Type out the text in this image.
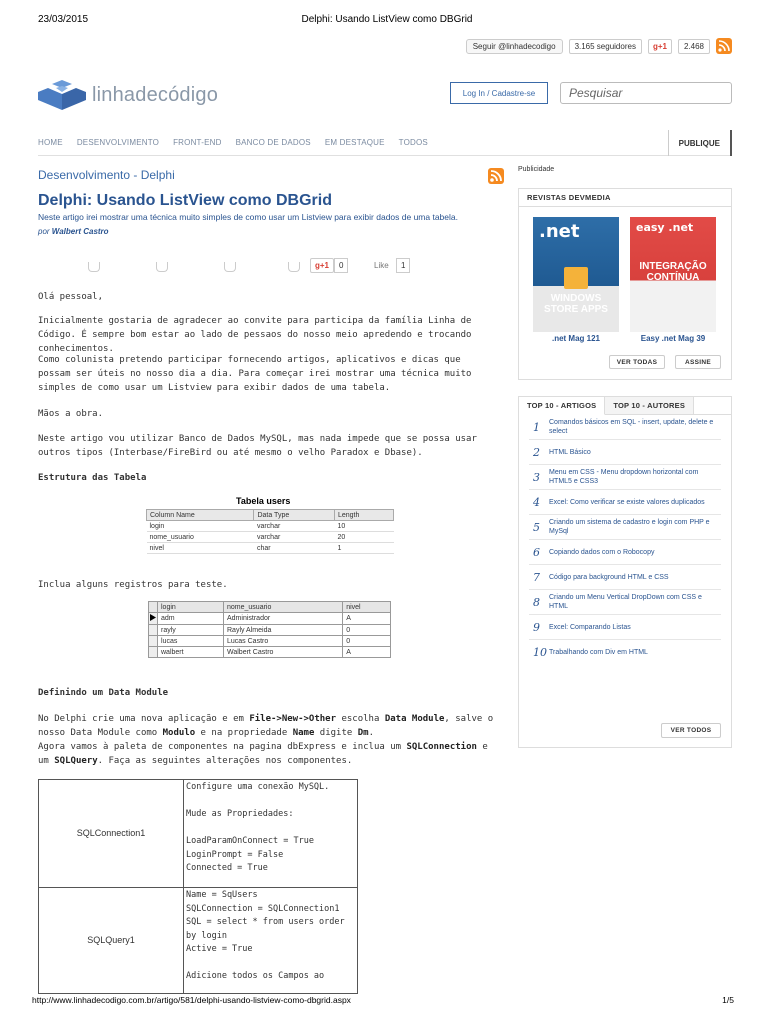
23/03/2015	Delphi: Usando ListView como DBGrid
Seguir @linhadecodigo	3.165 seguidores	g+1	2.468
linhadecódigo	Log In / Cadastre-se	Pesquisar
HOME DESENVOLVIMENTO FRONT-END BANCO DE DADOS EM DESTAQUE TODOS	PUBLIQUE
Desenvolvimento - Delphi
Delphi: Usando ListView como DBGrid
Neste artigo irei mostrar uma técnica muito simples de como usar um Listview para exibir dados de uma tabela.
por Walbert Castro
g+1	0	Like	1
Olá pessoal,
Inicialmente gostaria de agradecer ao convite para participa da família Linha de Código. É sempre bom estar ao lado de pessaos do nosso meio apredendo e trocando conhecimentos.
Como colunista pretendo participar fornecendo artigos, aplicativos e dicas que possam ser úteis no nosso dia a dia. Para começar irei mostrar uma técnica muito simples de como usar um Listview para exibir dados de uma tabela.
Mãos a obra.
Neste artigo vou utilizar Banco de Dados MySQL, mas nada impede que se possa usar outros tipos (Interbase/FireBird ou até mesmo o velho Paradox e Dbase).
Estrutura das Tabela
Tabela users
Column Name	Data Type	Length
login	varchar	10
nome_usuario	varchar	20
nivel	char	1
Inclua alguns registros para teste.
	login	nome_usuario	nivel
	adm	Administrador	A
	rayly	Rayly Almeida	0
	lucas	Lucas Castro	0
	walbert	Walbert Castro	A
Definindo um Data Module
No Delphi crie uma nova aplicação e em File->New->Other escolha Data Module, salve o nosso Data Module como Modulo e na propriedade Name digite Dm.
Agora vamos à paleta de componentes na pagina dbExpress e inclua um SQLConnection e um SQLQuery. Faça as seguintes alterações nos componentes.
SQLConnection1	Configure uma conexão MySQL.

Mude as Propriedades:

LoadParamOnConnect = True
LoginPrompt = False
Connected = True

SQLQuery1	Name = SqUsers
SQLConnection = SQLConnection1
SQL = select * from users order by login
Active = True

Adicione todos os Campos ao
Publicidade
REVISTAS DEVMEDIA
.net
WINDOWS STORE APPS
easy .net
INTEGRAÇÃO CONTÍNUA
.net Mag 121	Easy .net Mag 39
VER TODAS	ASSINE
TOP 10 - ARTIGOS	TOP 10 - AUTORES
1	Comandos básicos em SQL - insert, update, delete e select
2	HTML Básico
3	Menu em CSS - Menu dropdown horizontal com HTML5 e CSS3
4	Excel: Como verificar se existe valores duplicados
5	Criando um sistema de cadastro e login com PHP e MySql
6	Copiando dados com o Robocopy
7	Código para background HTML e CSS
8	Criando um Menu Vertical DropDown com CSS e HTML
9	Excel: Comparando Listas
10 Trabalhando com Div em HTML
VER TODOS
http://www.linhadecodigo.com.br/artigo/581/delphi-usando-listview-como-dbgrid.aspx	1/5
